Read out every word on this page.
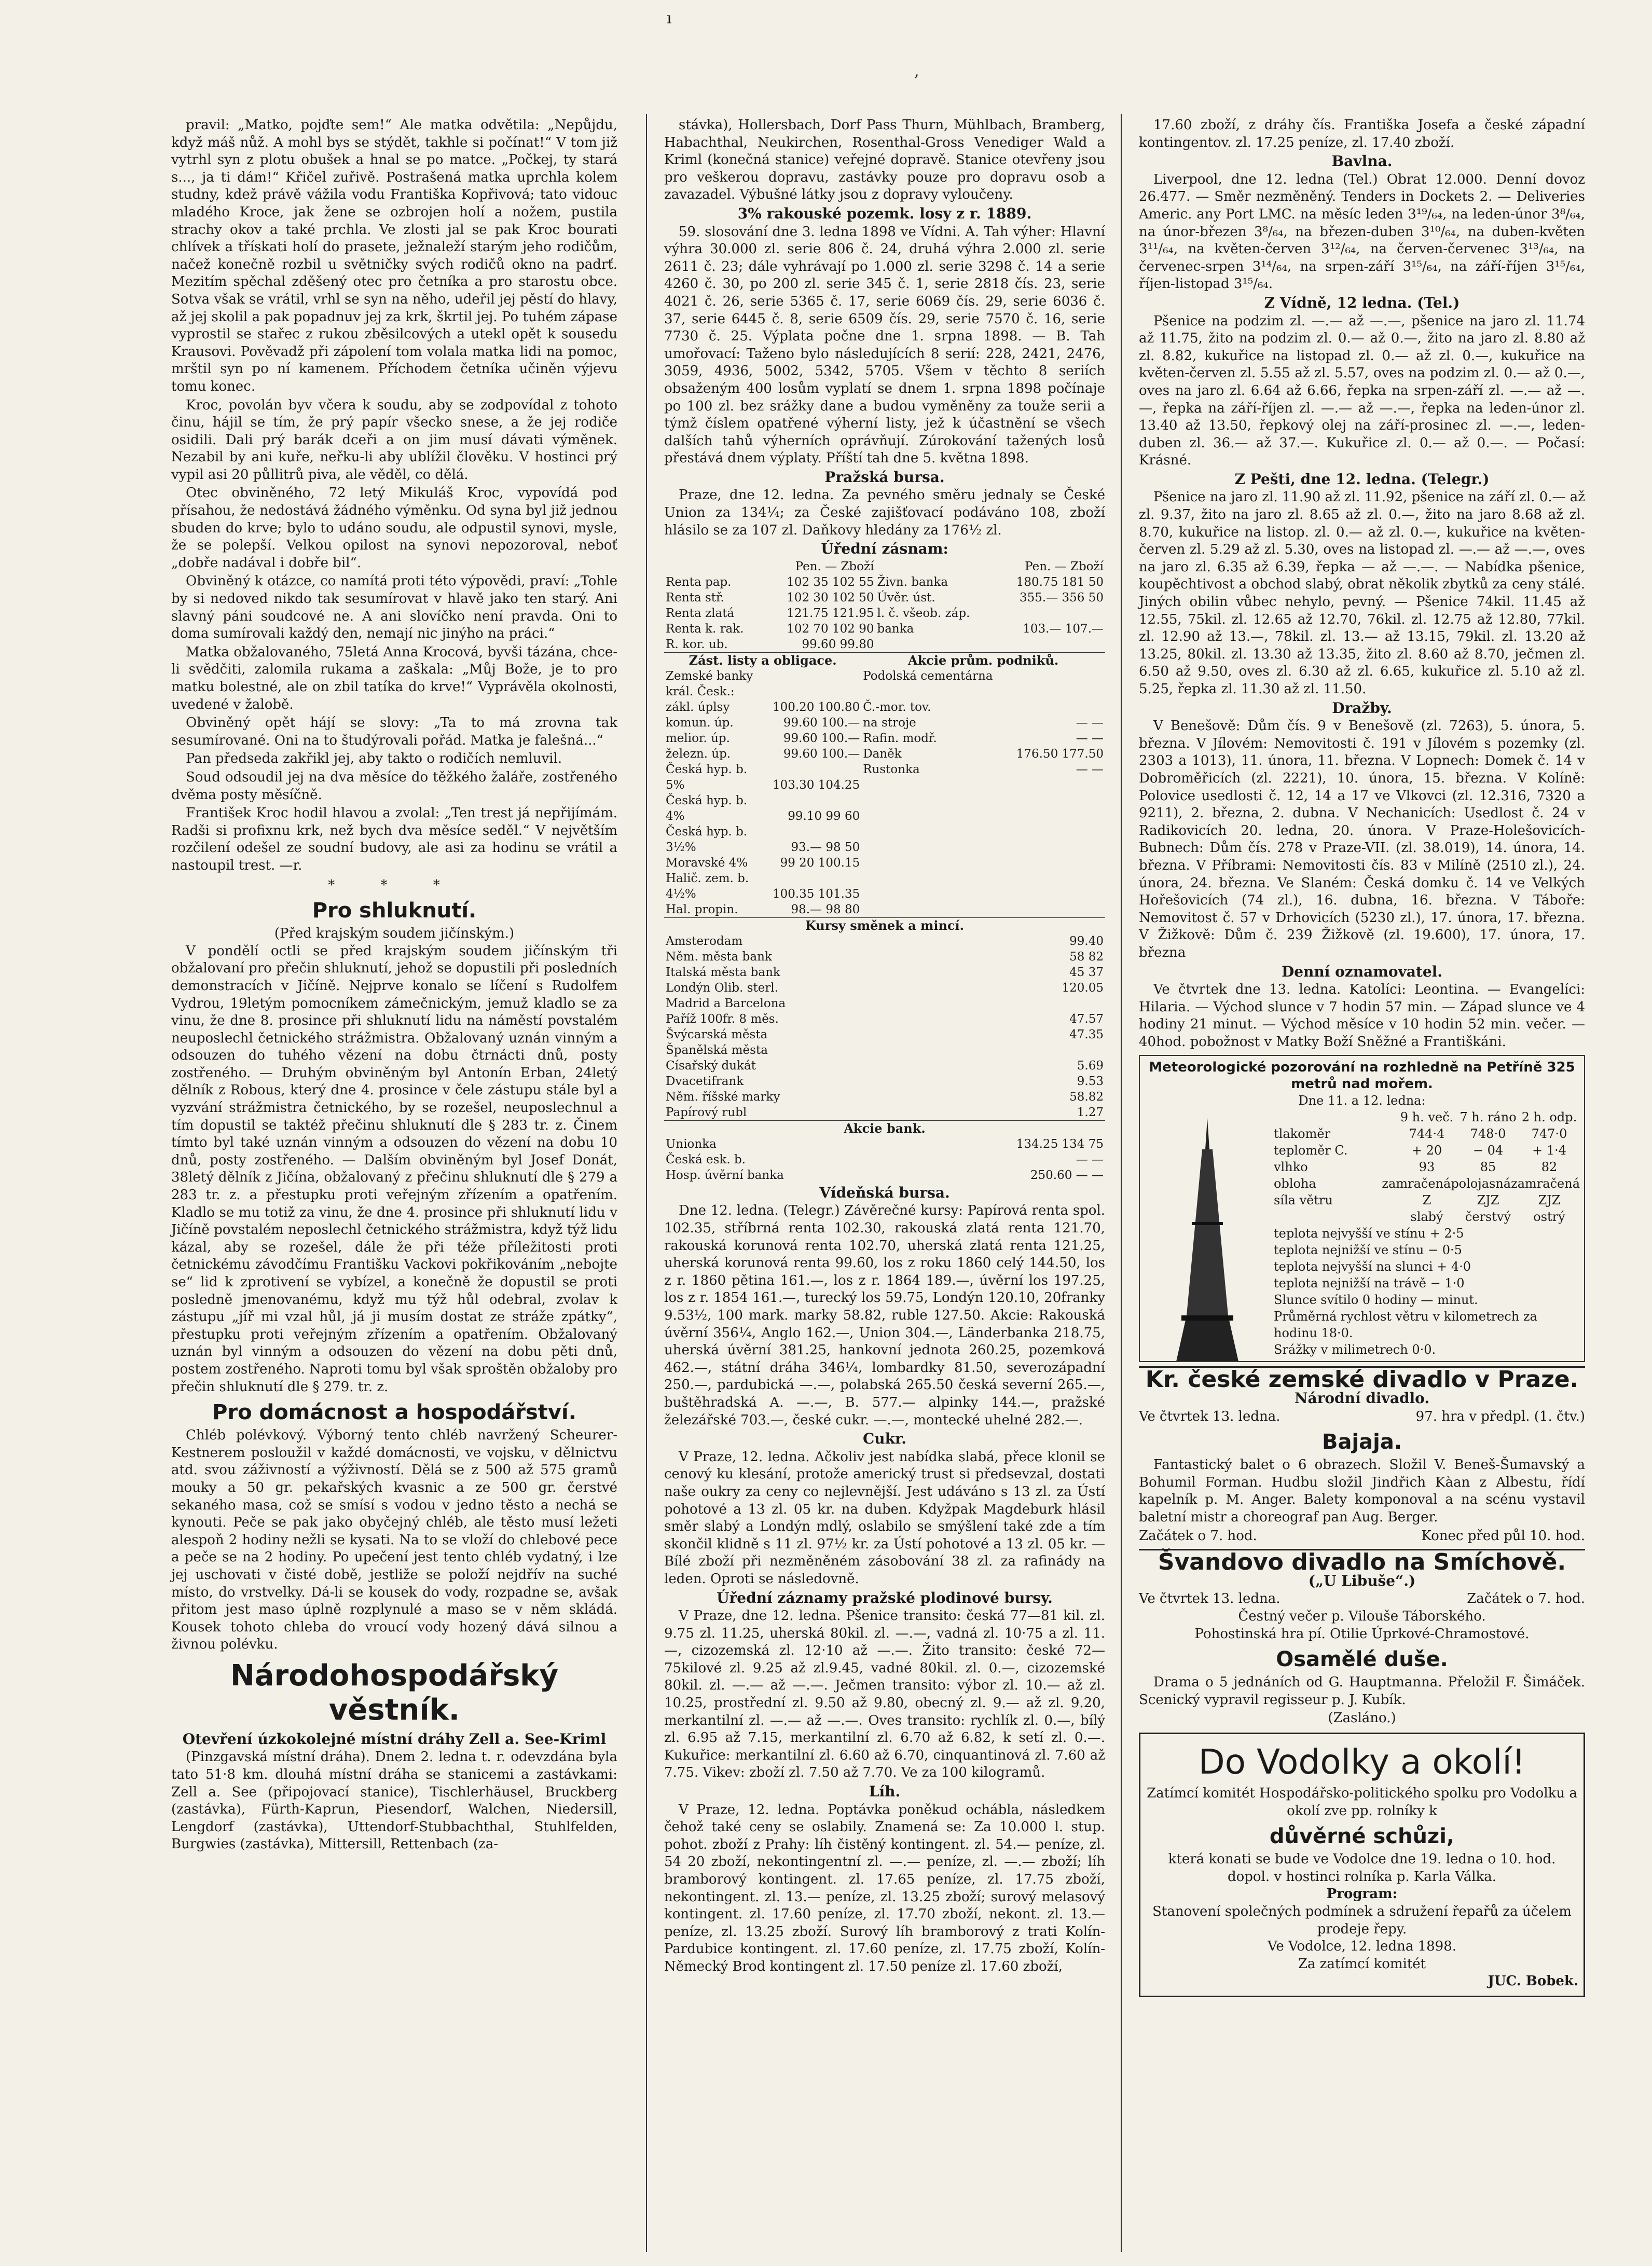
ı
,

pravil: „Matko, pojďte sem!“ Ale matka odvětila: „Nepůjdu, když máš nůž. A mohl bys se stýdět, takhle si počínat!“ V tom již vytrhl syn z plotu obušek a hnal se po matce. „Počkej, ty stará s..., ja ti dám!“ Křičel zuřivě. Postrašená matka uprchla kolem studny, kdež právě vážila vodu Františka Kopřivová; tato vidouc mladého Kroce, jak žene se ozbrojen holí a nožem, pustila strachy okov a také prchla. Ve zlosti jal se pak Kroc bourati chlívek a třískati holí do prasete, ježnaleží starým jeho rodičům, načež konečně rozbil u světničky svých rodičů okno na padrť. Mezitím spěchal zděšený otec pro četníka a pro starostu obce. Sotva však se vrátil, vrhl se syn na něho, udeřil jej pěstí do hlavy, až jej skolil a pak popadnuv jej za krk, škrtil jej. Po tuhém zápase vyprostil se stařec z rukou zběsilcových a utekl opět k sousedu Krausovi. Pověvadž při zápolení tom volala matka lidi na pomoc, mrštil syn po ní kamenem. Příchodem četníka učiněn výjevu tomu konec.

Kroc, povolán byv včera k soudu, aby se zodpovídal z tohoto činu, hájil se tím, že prý papír všecko snese, a že jej rodiče osidili. Dali prý barák dceři a on jim musí dávati výměnek. Nezabil by ani kuře, neřku-li aby ublížil člověku. V hostinci prý vypil asi 20 půllitrů piva, ale věděl, co dělá.

Otec obviněného, 72 letý Mikuláš Kroc, vypovídá pod přísahou, že nedostává žádného výměnku. Od syna byl již jednou sbuden do krve; bylo to udáno soudu, ale odpustil synovi, mysle, že se polepší. Velkou opilost na synovi nepozoroval, neboť „dobře nadával i dobře bil“.

Obviněný k otázce, co namítá proti této výpovědi, praví: „Tohle by si nedoved nikdo tak sesumírovat v hlavě jako ten starý. Ani slavný páni soudcové ne. A ani slovíčko není pravda. Oni to doma sumírovali každý den, nemají nic jinýho na práci.“

Matka obžalovaného, 75letá Anna Krocová, byvši tázána, chce-li svědčiti, zalomila rukama a zaškala: „Můj Bože, je to pro matku bolestné, ale on zbil tatíka do krve!“ Vyprávěla okolnosti, uvedené v žalobě.

Obviněný opět hájí se slovy: „Ta to má zrovna tak sesumírované. Oni na to študýrovali pořád. Matka je falešná...“

Pan předseda zakřikl jej, aby takto o rodičích nemluvil.

Soud odsoudil jej na dva měsíce do těžkého žaláře, zostřeného dvěma posty měsíčně.

František Kroc hodil hlavou a zvolal: „Ten trest já nepřijímám. Radši si profixnu krk, než bych dva měsíce seděl.“ V největším rozčilení odešel ze soudní budovy, ale asi za hodinu se vrátil a nastoupil trest. —r.

* * *
Pro shluknutí.
(Před krajským soudem jičínským.)

V pondělí octli se před krajským soudem jičínským tři obžalovaní pro přečin shluknutí, jehož se dopustili při posledních demonstracích v Jičíně. Nejprve konalo se líčení s Rudolfem Vydrou, 19letým pomocníkem zámečnickým, jemuž kladlo se za vinu, že dne 8. prosince při shluknutí lidu na náměstí povstalém neuposlechl četnického strážmistra. Obžalovaný uznán vinným a odsouzen do tuhého vězení na dobu čtrnácti dnů, posty zostřeného. — Druhým obviněným byl Antonín Erban, 24letý dělník z Robous, který dne 4. prosince v čele zástupu stále byl a vyzvání strážmistra četnického, by se rozešel, neuposlechnul a tím dopustil se taktéž přečinu shluknutí dle § 283 tr. z. Činem tímto byl také uznán vinným a odsouzen do vězení na dobu 10 dnů, posty zostřeného. — Dalším obviněným byl Josef Donát, 38letý dělník z Jičína, obžalovaný z přečinu shluknutí dle § 279 a 283 tr. z. a přestupku proti veřejným zřízením a opatřením. Kladlo se mu totiž za vinu, že dne 4. prosince při shluknutí lidu v Jičíně povstalém neposlechl četnického strážmistra, když týž lidu kázal, aby se rozešel, dále že při téže příležitosti proti četnickému závodčímu Františku Vackovi pokřikováním „nebojte se“ lid k zprotivení se vybízel, a konečně že dopustil se proti posledně jmenovanému, když mu týž hůl odebral, zvolav k zástupu „jíř mi vzal hůl, já ji musím dostat ze stráže zpátky“, přestupku proti veřejným zřízením a opatřením. Obžalovaný uznán byl vinným a odsouzen do vězení na dobu pěti dnů, postem zostřeného. Naproti tomu byl však sproštěn obžaloby pro přečin shluknutí dle § 279. tr. z.

Pro domácnost a hospodářství.

Chléb polévkový. Výborný tento chléb navržený Scheurer-Kestnerem posloužil v každé domácnosti, ve vojsku, v dělnictvu atd. svou záživností a výživností. Dělá se z 500 až 575 gramů mouky a 50 gr. pekařských kvasnic a ze 500 gr. čerstvé sekaného masa, což se smísí s vodou v jedno těsto a nechá se kynouti. Peče se pak jako obyčejný chléb, ale těsto musí ležeti alespoň 2 hodiny nežli se kysati. Na to se vloží do chlebové pece a peče se na 2 hodiny. Po upečení jest tento chléb vydatný, i lze jej uschovati v čisté době, jestliže se položí nejdřív na suché místo, do vrstvelky. Dá-li se kousek do vody, rozpadne se, avšak přitom jest maso úplně rozplynulé a maso se v něm skládá. Kousek tohoto chleba do vroucí vody hozený dává silnou a živnou polévku.

Národohospodářský věstník.
Otevření úzkokolejné místní dráhy Zell a. See-Kriml

(Pinzgavská místní dráha). Dnem 2. ledna t. r. odevzdána byla tato 51·8 km. dlouhá místní dráha se stanicemi a zastávkami: Zell a. See (připojovací stanice), Tischlerhäusel, Bruckberg (zastávka), Fürth-Kaprun, Piesendorf, Walchen, Niedersill, Lengdorf (zastávka), Uttendorf-Stubbachthal, Stuhlfelden, Burgwies (zastávka), Mittersill, Rettenbach (za-

stávka), Hollersbach, Dorf Pass Thurn, Mühlbach, Bramberg, Habachthal, Neukirchen, Rosenthal-Gross Venediger Wald a Kriml (konečná stanice) veřejné dopravě. Stanice otevřeny jsou pro veškerou dopravu, zastávky pouze pro dopravu osob a zavazadel. Výbušné látky jsou z dopravy vyloučeny.

3% rakouské pozemk. losy z r. 1889.

59. slosování dne 3. ledna 1898 ve Vídni. A. Tah výher: Hlavní výhra 30.000 zl. serie 806 č. 24, druhá výhra 2.000 zl. serie 2611 č. 23; dále vyhrávají po 1.000 zl. serie 3298 č. 14 a serie 4260 č. 30, po 200 zl. serie 345 č. 1, serie 2818 čís. 23, serie 4021 č. 26, serie 5365 č. 17, serie 6069 čís. 29, serie 6036 č. 37, serie 6445 č. 8, serie 6509 čís. 29, serie 7570 č. 16, serie 7730 č. 25. Výplata počne dne 1. srpna 1898. — B. Tah umořovací: Taženo bylo následujících 8 serií: 228, 2421, 2476, 3059, 4936, 5002, 5342, 5705. Všem v těchto 8 seriích obsaženým 400 losům vyplatí se dnem 1. srpna 1898 počínaje po 100 zl. bez srážky dane a budou vyměněny za touže serii a týmž číslem opatřené výherní listy, jež k účastnění se všech dalších tahů výherních oprávňují. Zúrokování tažených losů přestává dnem výplaty. Příští tah dne 5. května 1898.

Pražská bursa.

Praze, dne 12. ledna. Za pevného směru jednaly se České Union za 134¼; za České zajišťovací podáváno 108, zboží hlásilo se za 107 zl. Daňkovy hledány za 176½ zl.

Úřední zásnam:
	Pen. — Zboží		Pen. — Zboží
Renta pap.	102 35 102 55	Živn. banka	180.75 181 50
Renta stř.	102 30 102 50	Úvěr. úst.	355.— 356 50
Renta zlatá	121.75 121.95	l. č. všeob. záp.	
Renta k. rak.	102 70 102 90	banka	103.— 107.—
R. kor. ub.	99.60 99.80		
Zást. listy a obligace.		Akcie prům. podniků.	
Zemské banky		Podolská cementárna	
král. Česk.:			
zákl. úplsy	100.20 100.80	Č.-mor. tov.	
komun. úp.	99.60 100.—	na stroje	— —
melior. úp.	99.60 100.—	Rafin. modř.	— —
železn. úp.	99.60 100.—	Daněk	176.50 177.50
Česká hyp. b.		Rustonka	— —
5%	103.30 104.25		
Česká hyp. b.			
4%	99.10 99 60		
Česká hyp. b.			
3½%	93.— 98 50		
Moravské 4%	99 20 100.15		
Halič. zem. b.			
4½%	100.35 101.35		
Hal. propin.	98.— 98 80		
Kursy směnek a mincí.	
Amsterodam	99.40
Něm. města bank	58 82
Italská města bank	45 37
Londýn Olib. sterl.	120.05
Madrid a Barcelona	
Paříž 100fr. 8 měs.	47.57
Švýcarská města	47.35
Španělská města	
Císařský dukát	5.69
Dvacetifrank	9.53
Něm. říšské marky	58.82
Papírový rubl	1.27
Akcie bank.	
Unionka	134.25 134 75
Česká esk. b.	— —
Hosp. úvěrní banka	250.60 — —
Vídeňská bursa.

Dne 12. ledna. (Telegr.) Závěrečné kursy: Papírová renta spol. 102.35, stříbrná renta 102.30, rakouská zlatá renta 121.70, rakouská korunová renta 102.70, uherská zlatá renta 121.25, uherská korunová renta 99.60, los z roku 1860 celý 144.50, los z r. 1860 pětina 161.—, los z r. 1864 189.—, úvěrní los 197.25, los z r. 1854 161.—, turecký los 59.75, Londýn 120.10, 20franky 9.53½, 100 mark. marky 58.82, ruble 127.50. Akcie: Rakouská úvěrní 356¼, Anglo 162.—, Union 304.—, Länderbanka 218.75, uherská úvěrní 381.25, hankovní jednota 260.25, pozemková 462.—, státní dráha 346¼, lombardky 81.50, severozápadní 250.—, pardubická —.—, polabská 265.50 česká severní 265.—, buštěhradská A. —.—, B. 577.— alpinky 144.—, pražské železářské 703.—, české cukr. —.—, montecké uhelné 282.—.

Cukr.

V Praze, 12. ledna. Ačkoliv jest nabídka slabá, přece klonil se cenový ku klesání, protože americký trust si předsevzal, dostati naše oukry za ceny co nejlevnější. Jest udáváno s 13 zl. za Ústí pohotové a 13 zl. 05 kr. na duben. Kdyžpak Magdeburk hlásil směr slabý a Londýn mdlý, oslabilo se smýšlení také zde a tím skončil klidně s 11 zl. 97½ kr. za Ústí pohotové a 13 zl. 05 kr. — Bílé zboží při nezměněném zásobování 38 zl. za rafinády na leden. Oproti se následovně.

Úřední záznamy pražské plodinové bursy.

V Praze, dne 12. ledna. Pšenice transito: česká 77—81 kil. zl. 9.75 zl. 11.25, uherská 80kil. zl. —.—, vadná zl. 10·75 a zl. 11.—, cizozemská zl. 12·10 až —.—. Žito transito: české 72—75kilové zl. 9.25 až zl.9.45, vadné 80kil. zl. 0.—, cizozemské 80kil. zl. —.— až —.—. Ječmen transito: výbor zl. 10.— až zl. 10.25, prostřední zl. 9.50 až 9.80, obecný zl. 9.— až zl. 9.20, merkantilní zl. —.— až —.—. Oves transito: rychlík zl. 0.—, bílý zl. 6.95 až 7.15, merkantilní zl. 6.70 až 6.82, k setí zl. 0.—. Kukuřice: merkantilní zl. 6.60 až 6.70, cinquantinová zl. 7.60 až 7.75. Vikev: zboží zl. 7.50 až 7.70. Ve za 100 kilogramů.

Líh.

V Praze, 12. ledna. Poptávka poněkud ochábla, následkem čehož také ceny se oslabily. Znamená se: Za 10.000 l. stup. pohot. zboží z Prahy: líh čistěný kontingent. zl. 54.— peníze, zl. 54 20 zboží, nekontingentní zl. —.— peníze, zl. —.— zboží; líh bramborový kontingent. zl. 17.65 peníze, zl. 17.75 zboží, nekontingent. zl. 13.— peníze, zl. 13.25 zboží; surový melasový kontingent. zl. 17.60 peníze, zl. 17.70 zboží, nekont. zl. 13.— peníze, zl. 13.25 zboží. Surový líh bramborový z trati Kolín-Pardubice kontingent. zl. 17.60 peníze, zl. 17.75 zboží, Kolín-Německý Brod kontingent zl. 17.50 peníze zl. 17.60 zboží,

17.60 zboží, z dráhy čís. Františka Josefa a české západní kontingentov. zl. 17.25 peníze, zl. 17.40 zboží.

Bavlna.

Liverpool, dne 12. ledna (Tel.) Obrat 12.000. Denní dovoz 26.477. — Směr nezměněný. Tenders in Dockets 2. — Deliveries Americ. any Port LMC. na měsíc leden 3¹⁹/₆₄, na leden-únor 3⁸/₆₄, na únor-březen 3⁸/₆₄, na březen-duben 3¹⁰/₆₄, na duben-květen 3¹¹/₆₄, na květen-červen 3¹²/₆₄, na červen-červenec 3¹³/₆₄, na červenec-srpen 3¹⁴/₆₄, na srpen-září 3¹⁵/₆₄, na září-říjen 3¹⁵/₆₄, říjen-listopad 3¹⁵/₆₄.

Z Vídně, 12 ledna. (Tel.)

Pšenice na podzim zl. —.— až —.—, pšenice na jaro zl. 11.74 až 11.75, žito na podzim zl. 0.— až 0.—, žito na jaro zl. 8.80 až zl. 8.82, kukuřice na listopad zl. 0.— až zl. 0.—, kukuřice na květen-červen zl. 5.55 až zl. 5.57, oves na podzim zl. 0.— až 0.—, oves na jaro zl. 6.64 až 6.66, řepka na srpen-září zl. —.— až —.—, řepka na září-říjen zl. —.— až —.—, řepka na leden-únor zl. 13.40 až 13.50, řepkový olej na září-prosinec zl. —.—, leden-duben zl. 36.— až 37.—. Kukuřice zl. 0.— až 0.—. — Počasí: Krásné.

Z Pešti, dne 12. ledna. (Telegr.)

Pšenice na jaro zl. 11.90 až zl. 11.92, pšenice na září zl. 0.— až zl. 9.37, žito na jaro zl. 8.65 až zl. 0.—, žito na jaro 8.68 až zl. 8.70, kukuřice na listop. zl. 0.— až zl. 0.—, kukuřice na květen-červen zl. 5.29 až zl. 5.30, oves na listopad zl. —.— až —.—, oves na jaro zl. 6.35 až 6.39, řepka — až —.—. — Nabídka pšenice, koupěchtivost a obchod slabý, obrat několik zbytků za ceny stálé. Jiných obilin vůbec nehylo, pevný. — Pšenice 74kil. 11.45 až 12.55, 75kil. zl. 12.65 až 12.70, 76kil. zl. 12.75 až 12.80, 77kil. zl. 12.90 až 13.—, 78kil. zl. 13.— až 13.15, 79kil. zl. 13.20 až 13.25, 80kil. zl. 13.30 až 13.35, žito zl. 8.60 až 8.70, ječmen zl. 6.50 až 9.50, oves zl. 6.30 až zl. 6.65, kukuřice zl. 5.10 až zl. 5.25, řepka zl. 11.30 až zl. 11.50.

Dražby.

V Benešově: Dům čís. 9 v Benešově (zl. 7263), 5. února, 5. března. V Jílovém: Nemovitosti č. 191 v Jílovém s pozemky (zl. 2303 a 1013), 11. února, 11. března. V Lopnech: Domek č. 14 v Dobroměřicích (zl. 2221), 10. února, 15. března. V Kolíně: Polovice usedlosti č. 12, 14 a 17 ve Vlkovci (zl. 12.316, 7320 a 9211), 2. března, 2. dubna. V Nechanicích: Usedlost č. 24 v Radikovicích 20. ledna, 20. února. V Praze-Holešovicích-Bubnech: Dům čís. 278 v Praze-VII. (zl. 38.019), 14. února, 14. března. V Příbrami: Nemovitosti čís. 83 v Milíně (2510 zl.), 24. února, 24. března. Ve Slaném: Česká domku č. 14 ve Velkých Hořešovicích (74 zl.), 16. dubna, 16. března. V Táboře: Nemovitost č. 57 v Drhovicích (5230 zl.), 17. února, 17. března. V Žižkově: Dům č. 239 Žižkově (zl. 19.600), 17. února, 17. března

Denní oznamovatel.

Ve čtvrtek dne 13. ledna. Katolíci: Leontina. — Evangelíci: Hilaria. — Východ slunce v 7 hodin 57 min. — Západ slunce ve 4 hodiny 21 minut. — Východ měsíce v 10 hodin 52 min. večer. — 40hod. pobožnost v Matky Boží Sněžné a Františkáni.

Meteorologické pozorování na rozhledně na Petříně 325 metrů nad mořem.
Dne 11. a 12. ledna:
9 h. več. 7 h. ráno 2 h. odp.
tlakoměr	744·4	748·0	747·0
teploměr C.	+ 20	− 04	+ 1·4
vlhko	93	85	82
obloha	zamračená polojasná zamračená
síla větru	Z	ZJZ	ZJZ
slabý	čerstvý	ostrý
teplota nejvyšší ve stínu + 2·5
teplota nejnižší ve stínu − 0·5
teplota nejvyšší na slunci + 4·0
teplota nejnižší na trávě − 1·0
Slunce svítilo 0 hodiny — minut.
Průměrná rychlost větru v kilometrech za hodinu 18·0.
Srážky v milimetrech 0·0.
Kr. české zemské divadlo v Praze.
Národní divadlo.
Ve čtvrtek 13. ledna.	97. hra v předpl. (1. čtv.)
Bajaja.

Fantastický balet o 6 obrazech. Složil V. Beneš-Šumavský a Bohumil Forman. Hudbu složil Jindřich Kàan z Albestu, řídí kapelník p. M. Anger. Balety komponoval a na scénu vystavil baletní mistr a choreograf pan Aug. Berger.

Začátek o 7. hod.	Konec před půl 10. hod.
Švandovo divadlo na Smíchově.
(„U Libuše“.)
Ve čtvrtek 13. ledna.	Začátek o 7. hod.
Čestný večer p. Vilouše Táborského.
Pohostinská hra pí. Otilie Úprkové-Chramostové.
Osamělé duše.

Drama o 5 jednáních od G. Hauptmanna. Přeložil F. Šimáček. Scenický vypravil regisseur p. J. Kubík.

(Zasláno.)
Do Vodolky a okolí!
Zatímcí komitét Hospodářsko-politického spolku pro Vodolku a okolí zve pp. rolníky k
důvěrné schůzi,
která konati se bude ve Vodolce dne 19. ledna o 10. hod. dopol. v hostinci rolníka p. Karla Válka.
Program:
Stanovení společných podmínek a sdružení řepařů za účelem prodeje řepy.
Ve Vodolce, 12. ledna 1898.
Za zatímcí komitét
JUC. Bobek.
